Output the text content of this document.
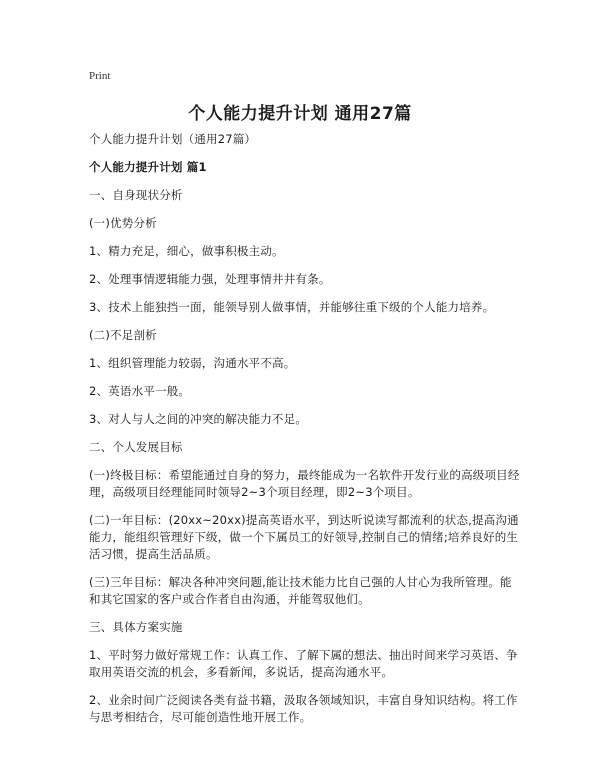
Print
个人能力提升计划 通用27篇

个人能力提升计划（通用27篇）

个人能力提升计划 篇1

一、自身现状分析

(一)优势分析

1、精力充足，细心，做事积极主动。

2、处理事情逻辑能力强，处理事情井井有条。

3、技术上能独挡一面，能领导别人做事情，并能够往重下级的个人能力培养。

(二)不足剖析

1、组织管理能力较弱，沟通水平不高。

2、英语水平一般。

3、对人与人之间的冲突的解决能力不足。

二、个人发展目标

(一)终极目标：希望能通过自身的努力，最终能成为一名软件开发行业的高级项目经理，高级项目经理能同时领导2~3个项目经理，即2~3个项目。

(二)一年目标：(20xx~20xx)提高英语水平，到达听说读写都流利的状态,提高沟通能力，能组织管理好下级，做一个下属员工的好领导,控制自己的情绪;培养良好的生活习惯，提高生活品质。

(三)三年目标：解决各种冲突问题,能让技术能力比自己强的人甘心为我所管理。能和其它国家的客户或合作者自由沟通，并能驾驭他们。

三、具体方案实施

1、平时努力做好常规工作：认真工作、了解下属的想法、抽出时间来学习英语、争取用英语交流的机会，多看新闻，多说话，提高沟通水平。

2、业余时间广泛阅读各类有益书籍，汲取各领域知识，丰富自身知识结构。将工作与思考相结合，尽可能创造性地开展工作。
